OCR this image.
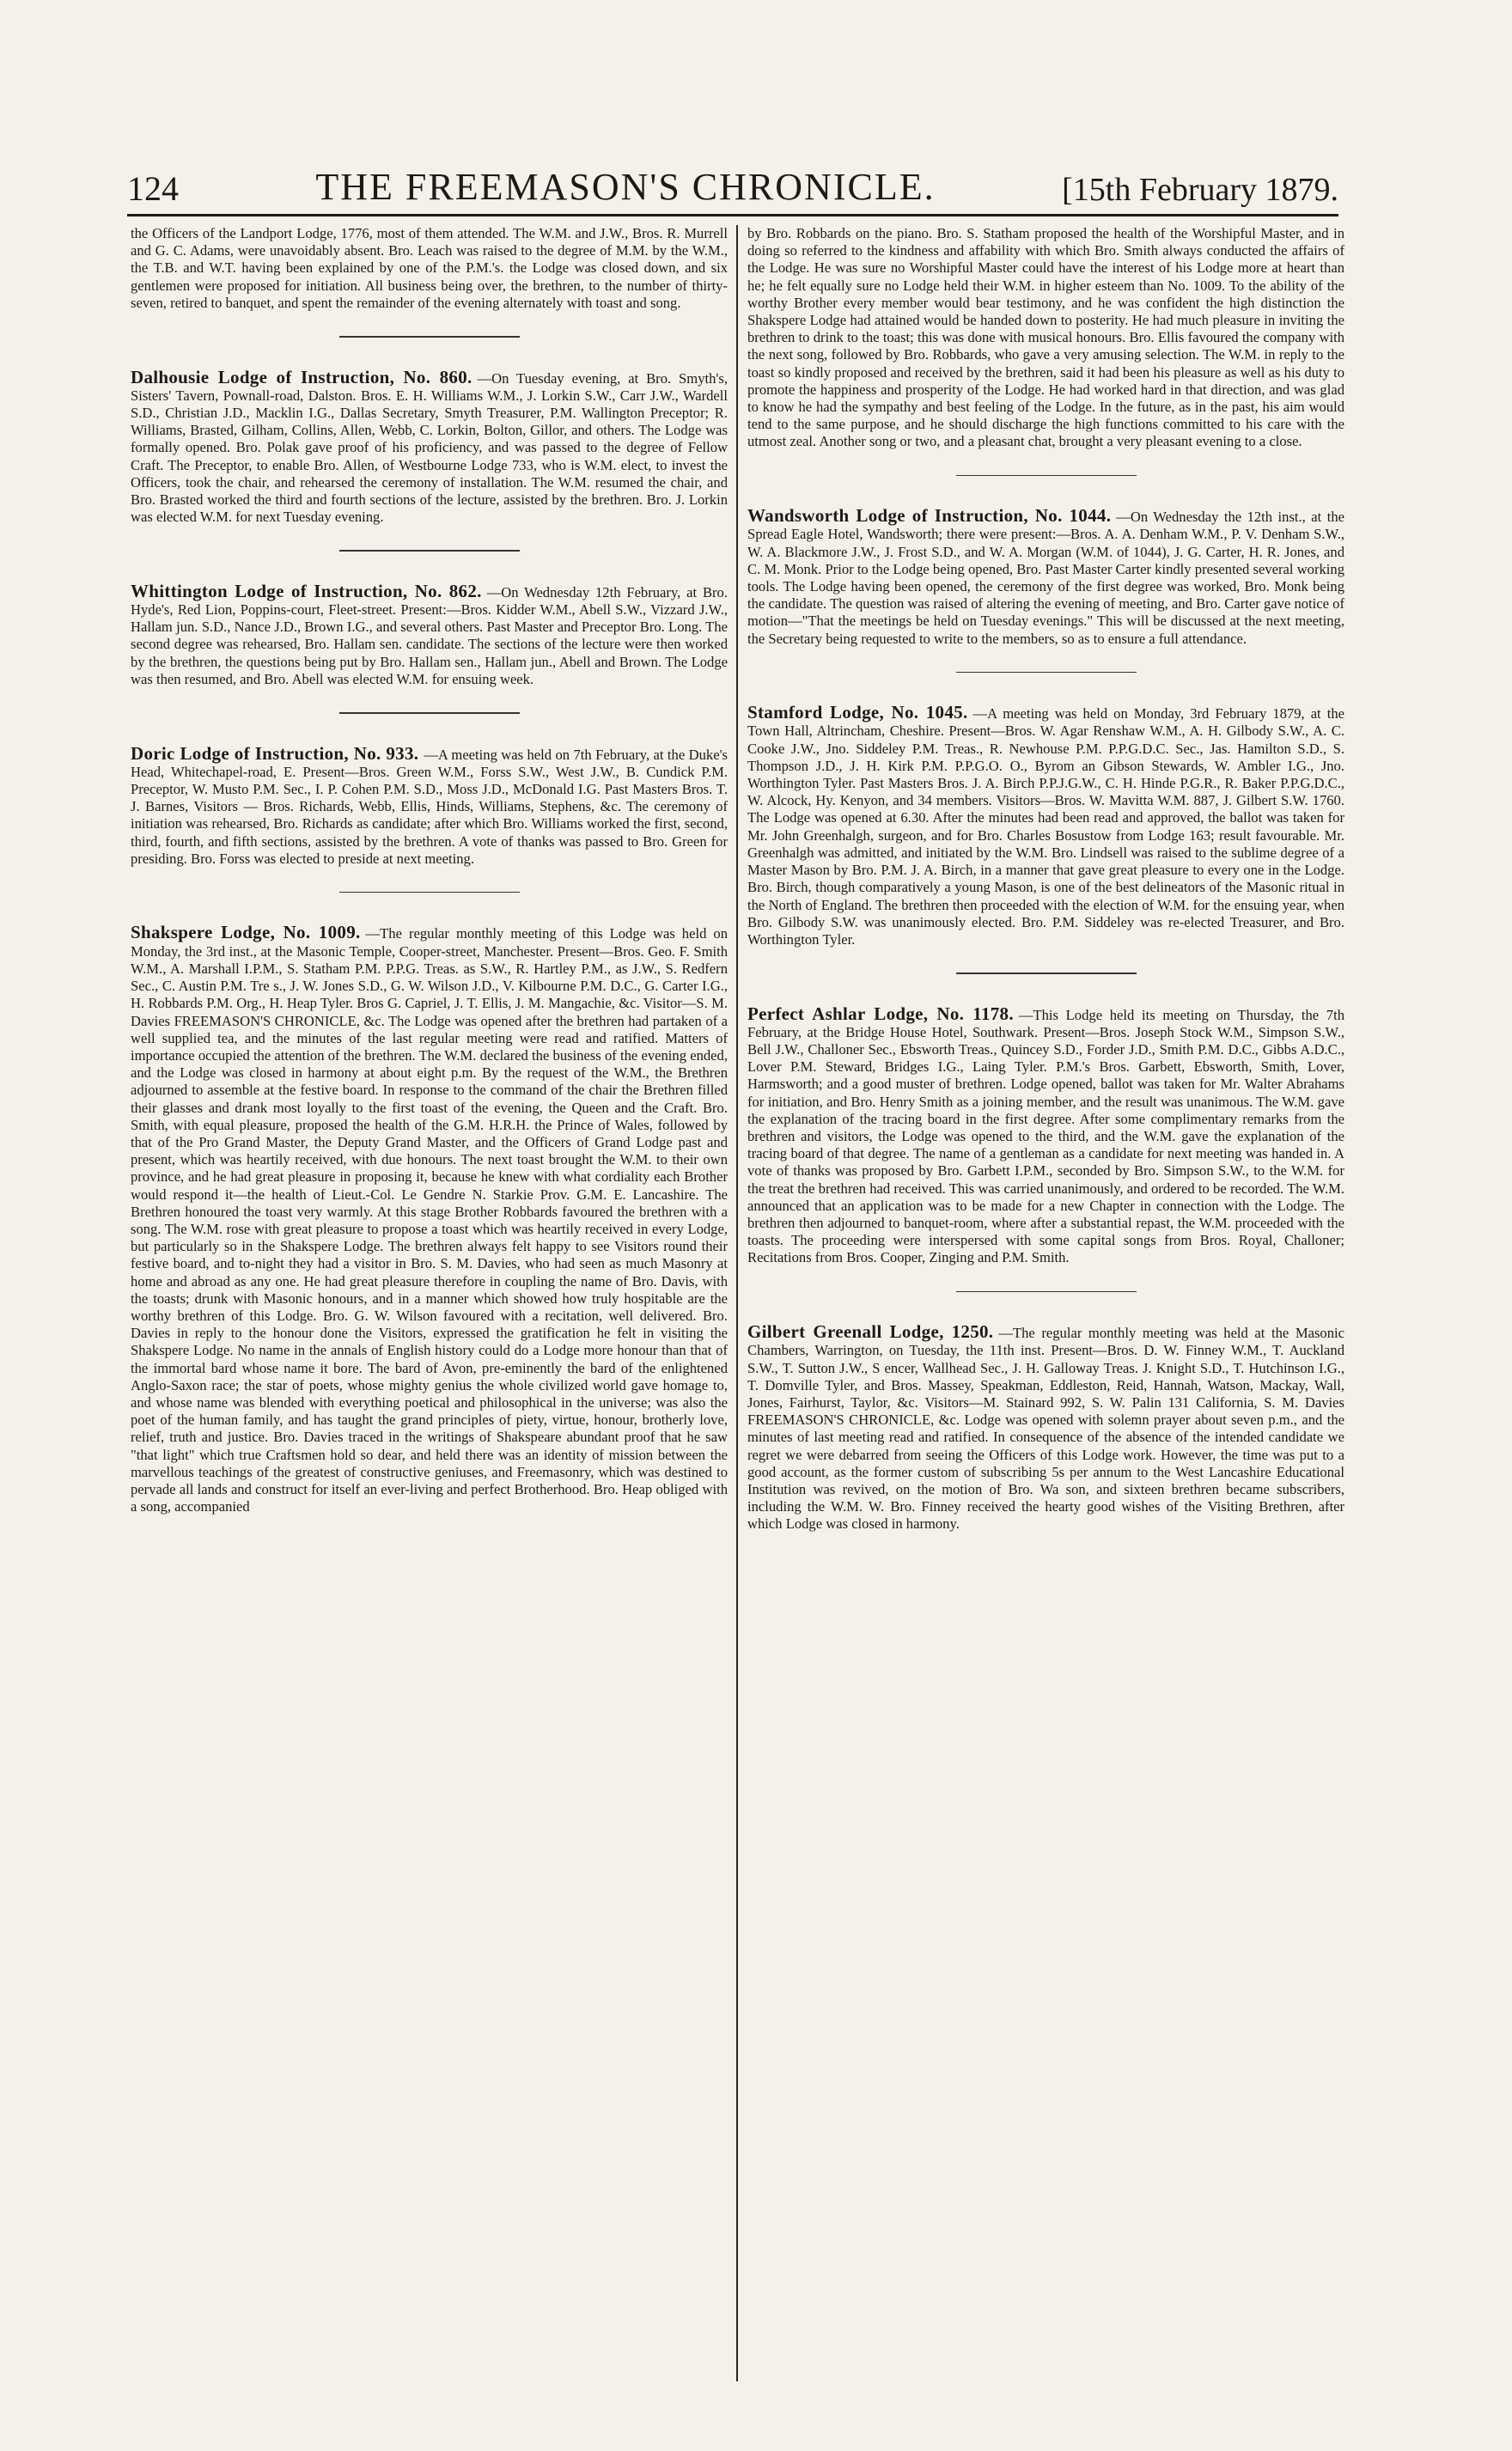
124	THE FREEMASON'S CHRONICLE.	[15th February 1879.

the Officers of the Landport Lodge, 1776, most of them attended. The W.M. and J.W., Bros. R. Murrell and G. C. Adams, were unavoidably absent. Bro. Leach was raised to the degree of M.M. by the W.M., the T.B. and W.T. having been explained by one of the P.M.'s. the Lodge was closed down, and six gentlemen were proposed for initiation. All business being over, the brethren, to the number of thirty-seven, retired to banquet, and spent the remainder of the evening alternately with toast and song.

Dalhousie Lodge of Instruction, No. 860. —On Tuesday evening, at Bro. Smyth's, Sisters' Tavern, Pownall-road, Dalston. Bros. E. H. Williams W.M., J. Lorkin S.W., Carr J.W., Wardell S.D., Christian J.D., Macklin I.G., Dallas Secretary, Smyth Treasurer, P.M. Wallington Preceptor; R. Williams, Brasted, Gilham, Collins, Allen, Webb, C. Lorkin, Bolton, Gillor, and others. The Lodge was formally opened. Bro. Polak gave proof of his proficiency, and was passed to the degree of Fellow Craft. The Preceptor, to enable Bro. Allen, of Westbourne Lodge 733, who is W.M. elect, to invest the Officers, took the chair, and rehearsed the ceremony of installation. The W.M. resumed the chair, and Bro. Brasted worked the third and fourth sections of the lecture, assisted by the brethren. Bro. J. Lorkin was elected W.M. for next Tuesday evening.

Whittington Lodge of Instruction, No. 862. —On Wednesday 12th February, at Bro. Hyde's, Red Lion, Poppins-court, Fleet-street. Present:—Bros. Kidder W.M., Abell S.W., Vizzard J.W., Hallam jun. S.D., Nance J.D., Brown I.G., and several others. Past Master and Preceptor Bro. Long. The second degree was rehearsed, Bro. Hallam sen. candidate. The sections of the lecture were then worked by the brethren, the questions being put by Bro. Hallam sen., Hallam jun., Abell and Brown. The Lodge was then resumed, and Bro. Abell was elected W.M. for ensuing week.

Doric Lodge of Instruction, No. 933. —A meeting was held on 7th February, at the Duke's Head, Whitechapel-road, E. Present—Bros. Green W.M., Forss S.W., West J.W., B. Cundick P.M. Preceptor, W. Musto P.M. Sec., I. P. Cohen P.M. S.D., Moss J.D., McDonald I.G. Past Masters Bros. T. J. Barnes, Visitors — Bros. Richards, Webb, Ellis, Hinds, Williams, Stephens, &c. The ceremony of initiation was rehearsed, Bro. Richards as candidate; after which Bro. Williams worked the first, second, third, fourth, and fifth sections, assisted by the brethren. A vote of thanks was passed to Bro. Green for presiding. Bro. Forss was elected to preside at next meeting.

Shakspere Lodge, No. 1009. —The regular monthly meeting of this Lodge was held on Monday, the 3rd inst., at the Masonic Temple, Cooper-street, Manchester. Present—Bros. Geo. F. Smith W.M., A. Marshall I.P.M., S. Statham P.M. P.P.G. Treas. as S.W., R. Hartley P.M., as J.W., S. Redfern Sec., C. Austin P.M. Tre s., J. W. Jones S.D., G. W. Wilson J.D., V. Kilbourne P.M. D.C., G. Carter I.G., H. Robbards P.M. Org., H. Heap Tyler. Bros G. Capriel, J. T. Ellis, J. M. Mangachie, &c. Visitor—S. M. Davies FREEMASON'S CHRONICLE, &c. The Lodge was opened after the brethren had partaken of a well supplied tea, and the minutes of the last regular meeting were read and ratified. Matters of importance occupied the attention of the brethren. The W.M. declared the business of the evening ended, and the Lodge was closed in harmony at about eight p.m. By the request of the W.M., the Brethren adjourned to assemble at the festive board. In response to the command of the chair the Brethren filled their glasses and drank most loyally to the first toast of the evening, the Queen and the Craft. Bro. Smith, with equal pleasure, proposed the health of the G.M. H.R.H. the Prince of Wales, followed by that of the Pro Grand Master, the Deputy Grand Master, and the Officers of Grand Lodge past and present, which was heartily received, with due honours. The next toast brought the W.M. to their own province, and he had great pleasure in proposing it, because he knew with what cordiality each Brother would respond it—the health of Lieut.-Col. Le Gendre N. Starkie Prov. G.M. E. Lancashire. The Brethren honoured the toast very warmly. At this stage Brother Robbards favoured the brethren with a song. The W.M. rose with great pleasure to propose a toast which was heartily received in every Lodge, but particularly so in the Shakspere Lodge. The brethren always felt happy to see Visitors round their festive board, and to-night they had a visitor in Bro. S. M. Davies, who had seen as much Masonry at home and abroad as any one. He had great pleasure therefore in coupling the name of Bro. Davis, with the toasts; drunk with Masonic honours, and in a manner which showed how truly hospitable are the worthy brethren of this Lodge. Bro. G. W. Wilson favoured with a recitation, well delivered. Bro. Davies in reply to the honour done the Visitors, expressed the gratification he felt in visiting the Shakspere Lodge. No name in the annals of English history could do a Lodge more honour than that of the immortal bard whose name it bore. The bard of Avon, pre-eminently the bard of the enlightened Anglo-Saxon race; the star of poets, whose mighty genius the whole civilized world gave homage to, and whose name was blended with everything poetical and philosophical in the universe; was also the poet of the human family, and has taught the grand principles of piety, virtue, honour, brotherly love, relief, truth and justice. Bro. Davies traced in the writings of Shakspeare abundant proof that he saw "that light" which true Craftsmen hold so dear, and held there was an identity of mission between the marvellous teachings of the greatest of constructive geniuses, and Freemasonry, which was destined to pervade all lands and construct for itself an ever-living and perfect Brotherhood. Bro. Heap obliged with a song, accompanied

by Bro. Robbards on the piano. Bro. S. Statham proposed the health of the Worshipful Master, and in doing so referred to the kindness and affability with which Bro. Smith always conducted the affairs of the Lodge. He was sure no Worshipful Master could have the interest of his Lodge more at heart than he; he felt equally sure no Lodge held their W.M. in higher esteem than No. 1009. To the ability of the worthy Brother every member would bear testimony, and he was confident the high distinction the Shakspere Lodge had attained would be handed down to posterity. He had much pleasure in inviting the brethren to drink to the toast; this was done with musical honours. Bro. Ellis favoured the company with the next song, followed by Bro. Robbards, who gave a very amusing selection. The W.M. in reply to the toast so kindly proposed and received by the brethren, said it had been his pleasure as well as his duty to promote the happiness and prosperity of the Lodge. He had worked hard in that direction, and was glad to know he had the sympathy and best feeling of the Lodge. In the future, as in the past, his aim would tend to the same purpose, and he should discharge the high functions committed to his care with the utmost zeal. Another song or two, and a pleasant chat, brought a very pleasant evening to a close.

Wandsworth Lodge of Instruction, No. 1044. —On Wednesday the 12th inst., at the Spread Eagle Hotel, Wandsworth; there were present:—Bros. A. A. Denham W.M., P. V. Denham S.W., W. A. Blackmore J.W., J. Frost S.D., and W. A. Morgan (W.M. of 1044), J. G. Carter, H. R. Jones, and C. M. Monk. Prior to the Lodge being opened, Bro. Past Master Carter kindly presented several working tools. The Lodge having been opened, the ceremony of the first degree was worked, Bro. Monk being the candidate. The question was raised of altering the evening of meeting, and Bro. Carter gave notice of motion—"That the meetings be held on Tuesday evenings." This will be discussed at the next meeting, the Secretary being requested to write to the members, so as to ensure a full attendance.

Stamford Lodge, No. 1045. —A meeting was held on Monday, 3rd February 1879, at the Town Hall, Altrincham, Cheshire. Present—Bros. W. Agar Renshaw W.M., A. H. Gilbody S.W., A. C. Cooke J.W., Jno. Siddeley P.M. Treas., R. Newhouse P.M. P.P.G.D.C. Sec., Jas. Hamilton S.D., S. Thompson J.D., J. H. Kirk P.M. P.P.G.O. O., Byrom an Gibson Stewards, W. Ambler I.G., Jno. Worthington Tyler. Past Masters Bros. J. A. Birch P.P.J.G.W., C. H. Hinde P.G.R., R. Baker P.P.G.D.C., W. Alcock, Hy. Kenyon, and 34 members. Visitors—Bros. W. Mavitta W.M. 887, J. Gilbert S.W. 1760. The Lodge was opened at 6.30. After the minutes had been read and approved, the ballot was taken for Mr. John Greenhalgh, surgeon, and for Bro. Charles Bosustow from Lodge 163; result favourable. Mr. Greenhalgh was admitted, and initiated by the W.M. Bro. Lindsell was raised to the sublime degree of a Master Mason by Bro. P.M. J. A. Birch, in a manner that gave great pleasure to every one in the Lodge. Bro. Birch, though comparatively a young Mason, is one of the best delineators of the Masonic ritual in the North of England. The brethren then proceeded with the election of W.M. for the ensuing year, when Bro. Gilbody S.W. was unanimously elected. Bro. P.M. Siddeley was re-elected Treasurer, and Bro. Worthington Tyler.

Perfect Ashlar Lodge, No. 1178. —This Lodge held its meeting on Thursday, the 7th February, at the Bridge House Hotel, Southwark. Present—Bros. Joseph Stock W.M., Simpson S.W., Bell J.W., Challoner Sec., Ebsworth Treas., Quincey S.D., Forder J.D., Smith P.M. D.C., Gibbs A.D.C., Lover P.M. Steward, Bridges I.G., Laing Tyler. P.M.'s Bros. Garbett, Ebsworth, Smith, Lover, Harmsworth; and a good muster of brethren. Lodge opened, ballot was taken for Mr. Walter Abrahams for initiation, and Bro. Henry Smith as a joining member, and the result was unanimous. The W.M. gave the explanation of the tracing board in the first degree. After some complimentary remarks from the brethren and visitors, the Lodge was opened to the third, and the W.M. gave the explanation of the tracing board of that degree. The name of a gentleman as a candidate for next meeting was handed in. A vote of thanks was proposed by Bro. Garbett I.P.M., seconded by Bro. Simpson S.W., to the W.M. for the treat the brethren had received. This was carried unanimously, and ordered to be recorded. The W.M. announced that an application was to be made for a new Chapter in connection with the Lodge. The brethren then adjourned to banquet-room, where after a substantial repast, the W.M. proceeded with the toasts. The proceeding were interspersed with some capital songs from Bros. Royal, Challoner; Recitations from Bros. Cooper, Zinging and P.M. Smith.

Gilbert Greenall Lodge, 1250. —The regular monthly meeting was held at the Masonic Chambers, Warrington, on Tuesday, the 11th inst. Present—Bros. D. W. Finney W.M., T. Auckland S.W., T. Sutton J.W., S encer, Wallhead Sec., J. H. Galloway Treas. J. Knight S.D., T. Hutchinson I.G., T. Domville Tyler, and Bros. Massey, Speakman, Eddleston, Reid, Hannah, Watson, Mackay, Wall, Jones, Fairhurst, Taylor, &c. Visitors—M. Stainard 992, S. W. Palin 131 California, S. M. Davies FREEMASON'S CHRONICLE, &c. Lodge was opened with solemn prayer about seven p.m., and the minutes of last meeting read and ratified. In consequence of the absence of the intended candidate we regret we were debarred from seeing the Officers of this Lodge work. However, the time was put to a good account, as the former custom of subscribing 5s per annum to the West Lancashire Educational Institution was revived, on the motion of Bro. Wa son, and sixteen brethren became subscribers, including the W.M. W. Bro. Finney received the hearty good wishes of the Visiting Brethren, after which Lodge was closed in harmony.
